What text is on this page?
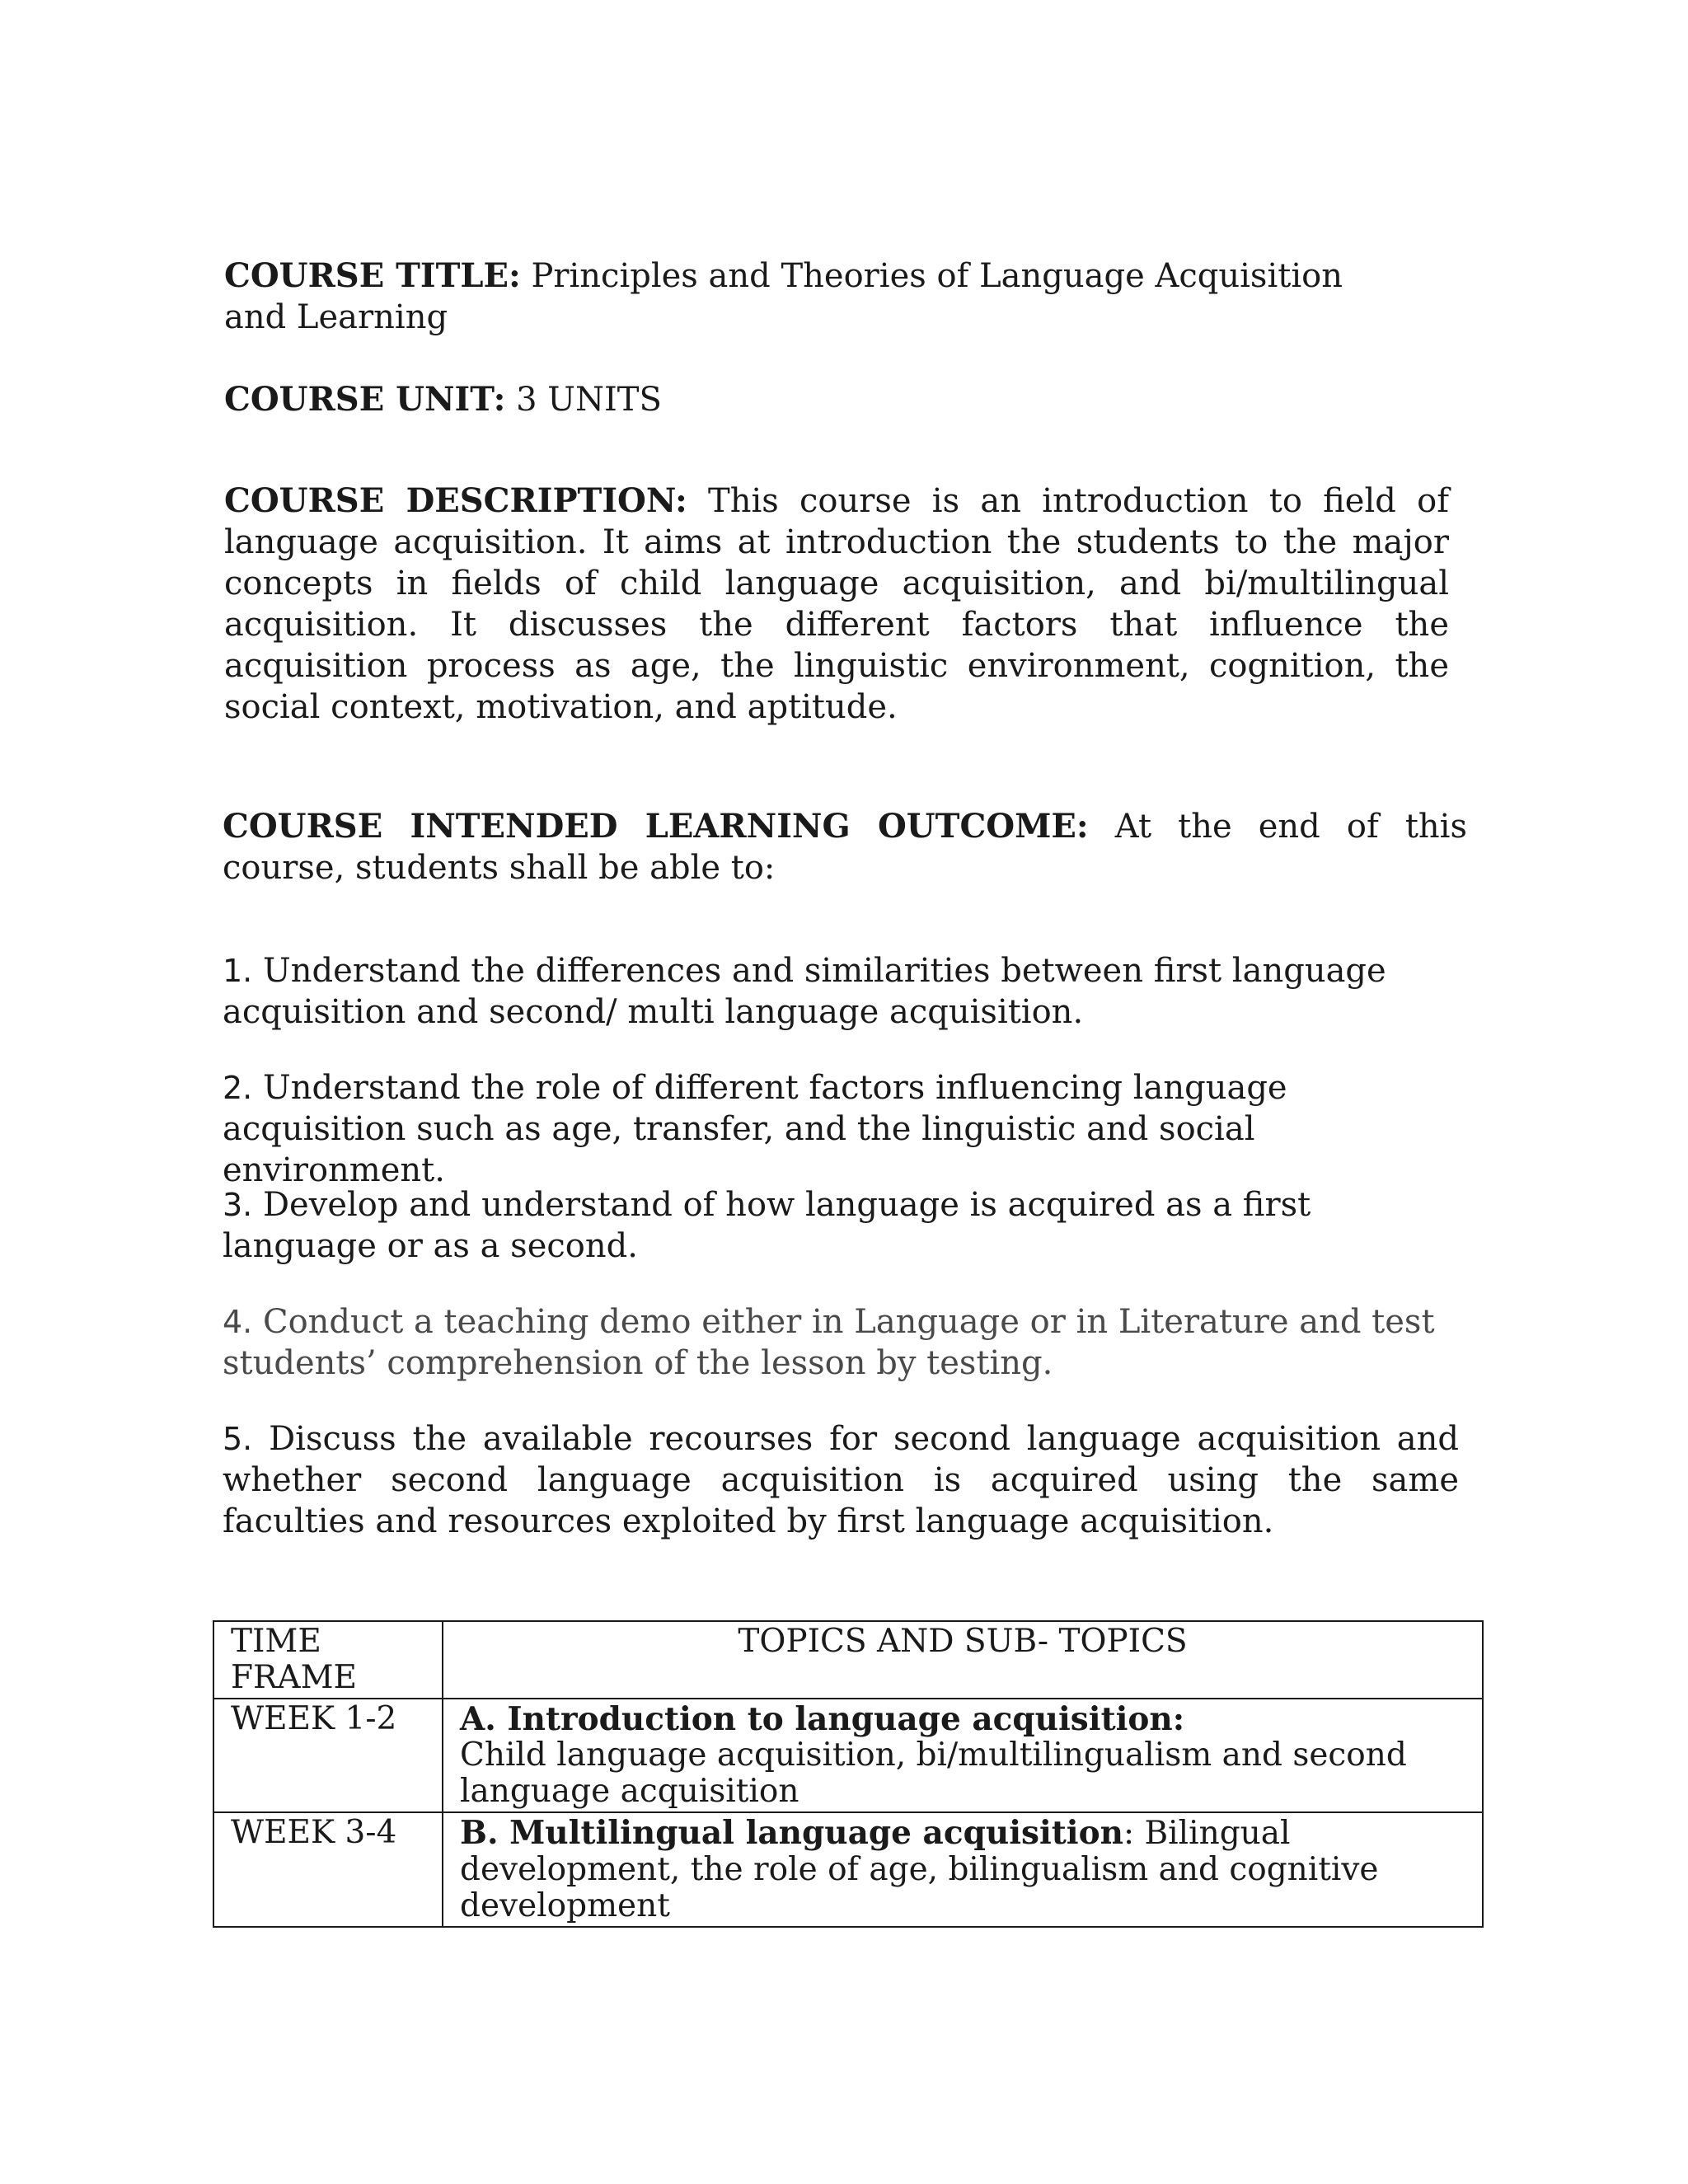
COURSE TITLE: Principles and Theories of Language Acquisition and Learning
COURSE UNIT: 3 UNITS
COURSE DESCRIPTION: This course is an introduction to field of language acquisition. It aims at introduction the students to the major concepts in fields of child language acquisition, and bi/multilingual acquisition. It discusses the different factors that influence the acquisition process as age, the linguistic environment, cognition, the social context, motivation, and aptitude.
COURSE INTENDED LEARNING OUTCOME: At the end of this course, students shall be able to:
1. Understand the differences and similarities between first language acquisition and second/ multi language acquisition.
2. Understand the role of different factors influencing language acquisition such as age, transfer, and the linguistic and social environment.
3. Develop and understand of how language is acquired as a first language or as a second.
4. Conduct a teaching demo either in Language or in Literature and test students’ comprehension of the lesson by testing.
5. Discuss the available recourses for second language acquisition and whether second language acquisition is acquired using the same faculties and resources exploited by first language acquisition.
TIME FRAME	TOPICS AND SUB- TOPICS
WEEK 1-2	A. Introduction to language acquisition:
Child language acquisition, bi/multilingualism and second language acquisition

WEEK 3-4	B. Multilingual language acquisition: Bilingual development, the role of age, bilingualism and cognitive development
